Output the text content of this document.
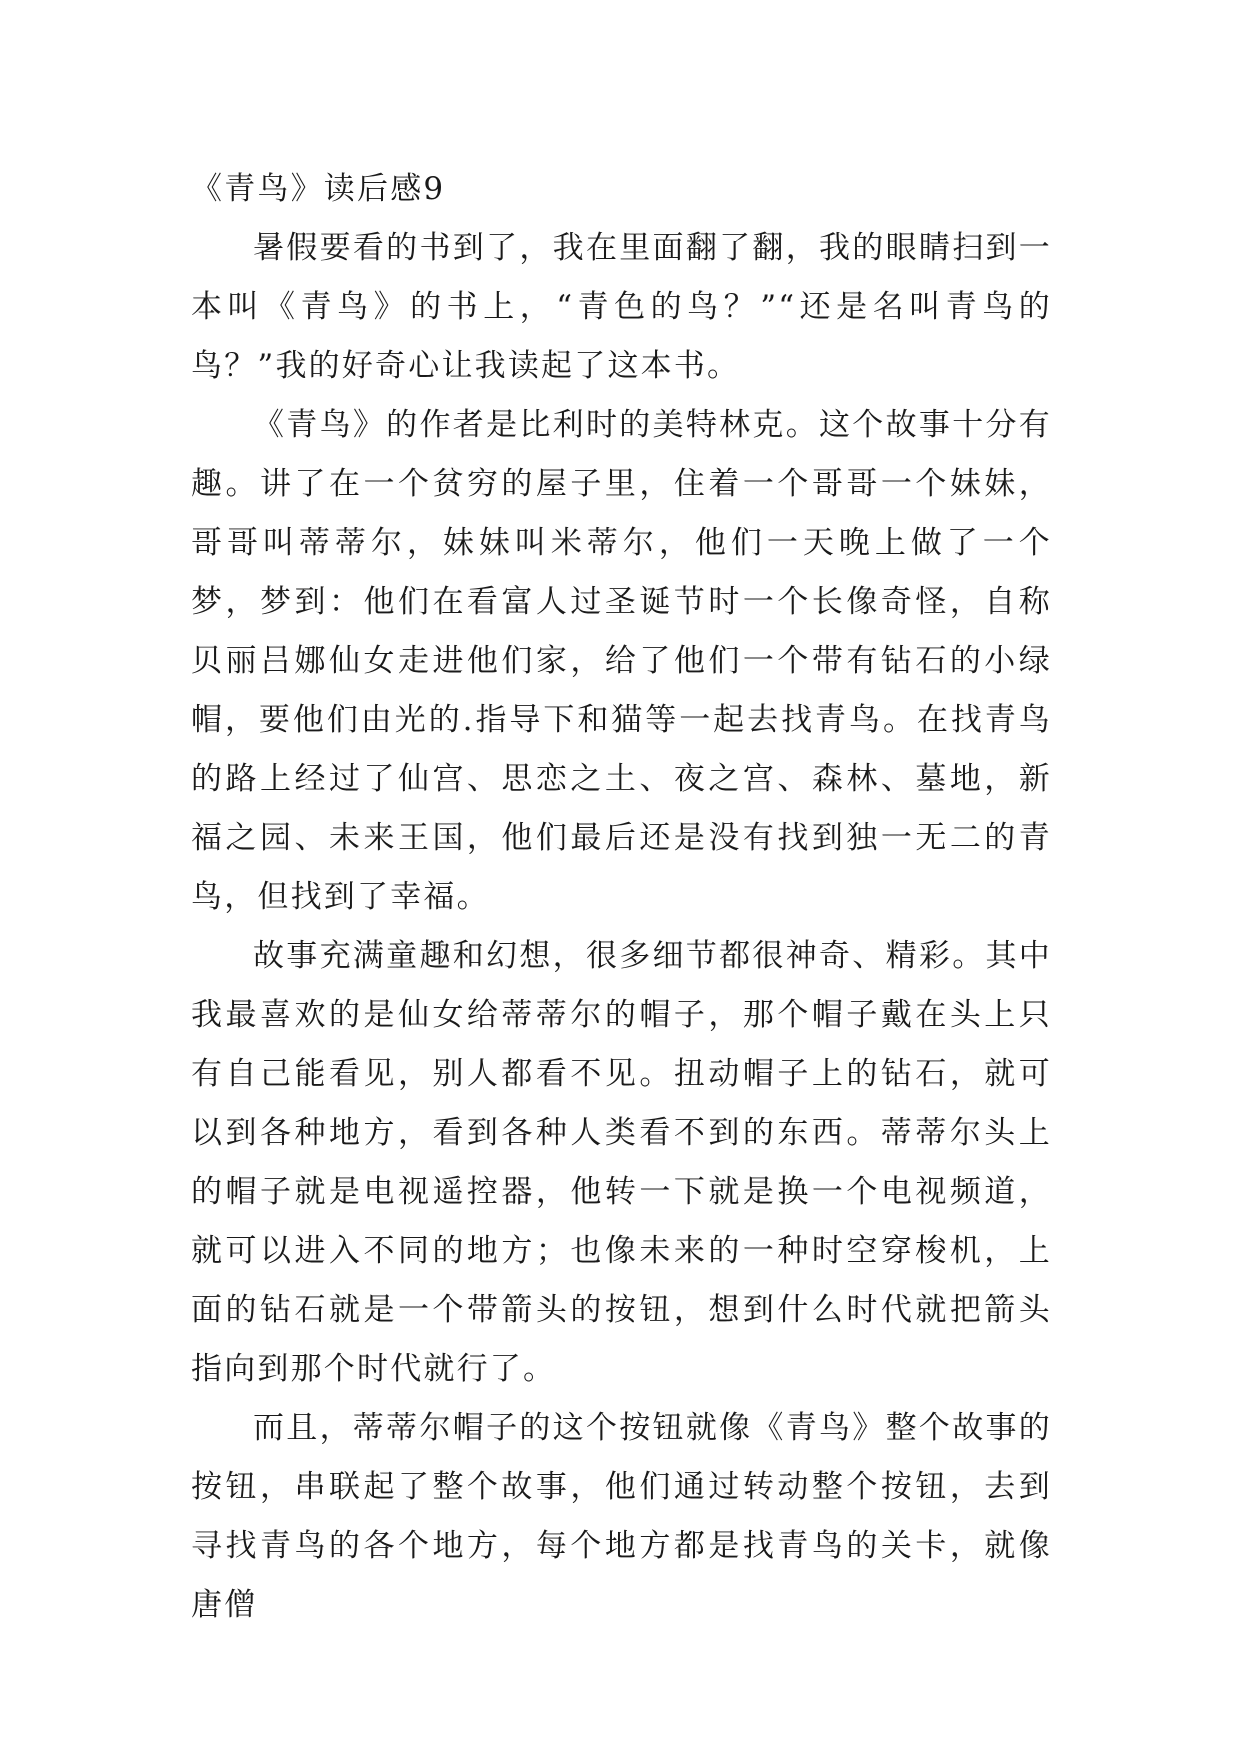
《青鸟》读后感9

暑假要看的书到了，我在里面翻了翻，我的眼睛扫到一本叫《青鸟》的书上，“青色的鸟？”“还是名叫青鸟的鸟？”我的好奇心让我读起了这本书。

《青鸟》的作者是比利时的美特林克。这个故事十分有趣。讲了在一个贫穷的屋子里，住着一个哥哥一个妹妹，哥哥叫蒂蒂尔，妹妹叫米蒂尔，他们一天晚上做了一个梦，梦到：他们在看富人过圣诞节时一个长像奇怪，自称贝丽吕娜仙女走进他们家，给了他们一个带有钻石的小绿帽，要他们由光的.指导下和猫等一起去找青鸟。在找青鸟的路上经过了仙宫、思恋之土、夜之宫、森林、墓地，新福之园、未来王国，他们最后还是没有找到独一无二的青鸟，但找到了幸福。

故事充满童趣和幻想，很多细节都很神奇、精彩。其中我最喜欢的是仙女给蒂蒂尔的帽子，那个帽子戴在头上只有自己能看见，别人都看不见。扭动帽子上的钻石，就可以到各种地方，看到各种人类看不到的东西。蒂蒂尔头上的帽子就是电视遥控器，他转一下就是换一个电视频道，就可以进入不同的地方；也像未来的一种时空穿梭机，上面的钻石就是一个带箭头的按钮，想到什么时代就把箭头指向到那个时代就行了。

而且，蒂蒂尔帽子的这个按钮就像《青鸟》整个故事的按钮，串联起了整个故事，他们通过转动整个按钮，去到寻找青鸟的各个地方，每个地方都是找青鸟的关卡，就像唐僧
